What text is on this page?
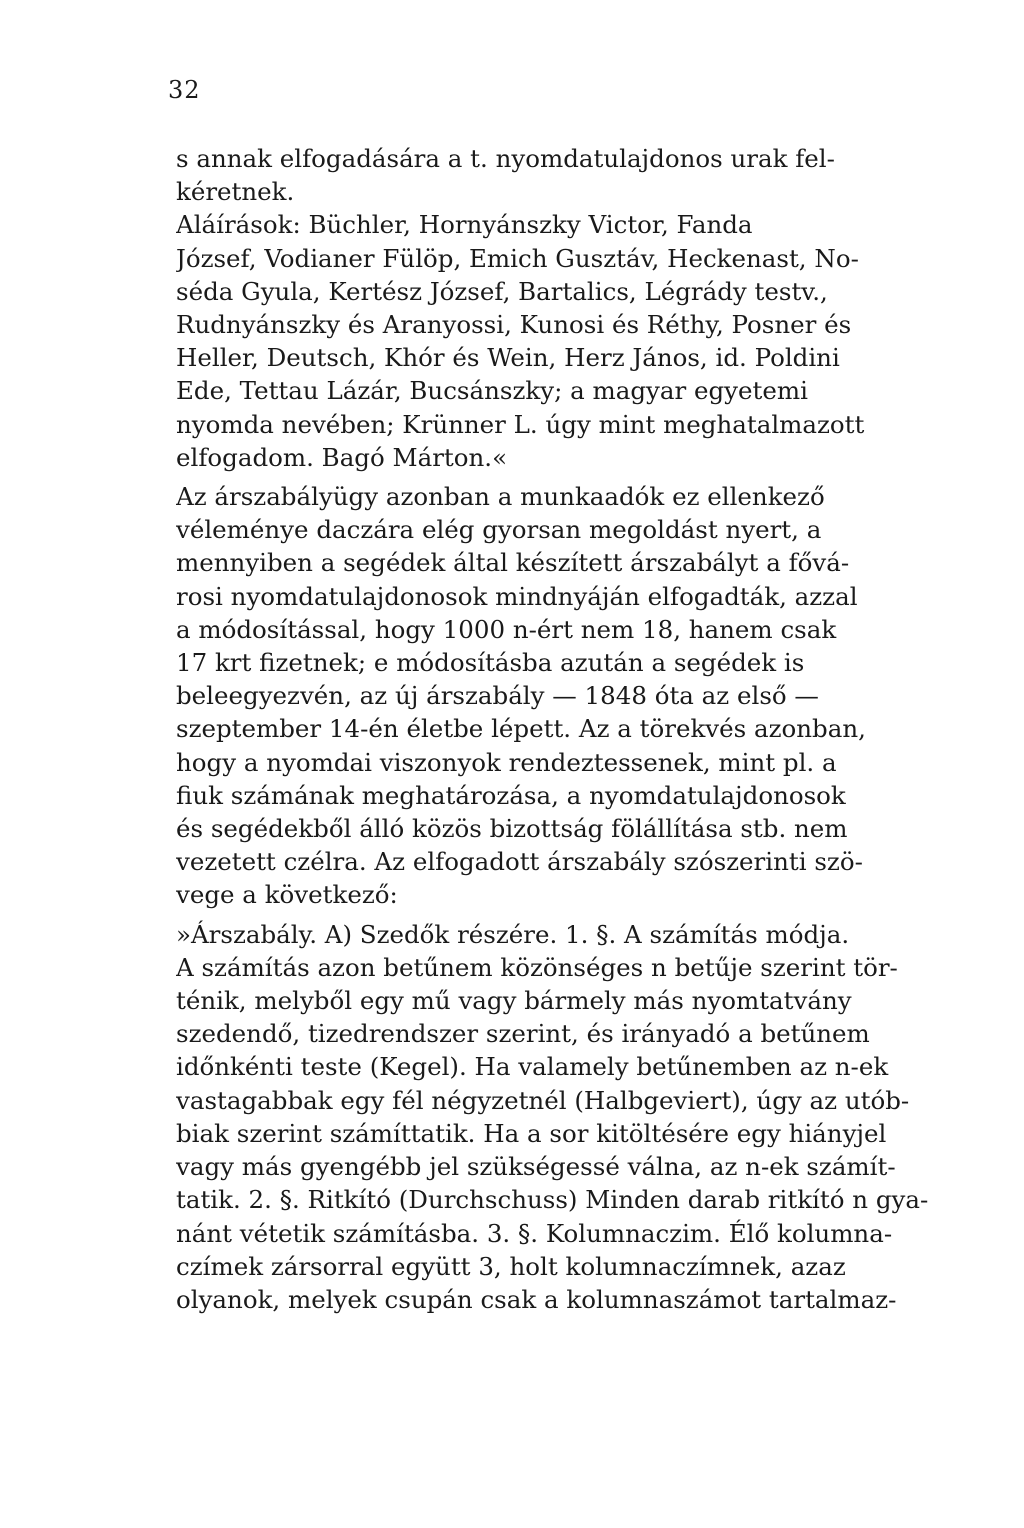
32
s annak elfogadására a t. nyomdatulajdonos urak fel-
kéretnek.
Aláírások: Büchler, Hornyánszky Victor, Fanda
József, Vodianer Fülöp, Emich Gusztáv, Heckenast, No-
séda Gyula, Kertész József, Bartalics, Légrády testv.,
Rudnyánszky és Aranyossi, Kunosi és Réthy, Posner és
Heller, Deutsch, Khór és Wein, Herz János, id. Poldini
Ede, Tettau Lázár, Bucsánszky; a magyar egyetemi
nyomda nevében; Krünner L. úgy mint meghatalmazott
elfogadom. Bagó Márton.«
Az árszabályügy azonban a munkaadók ez ellenkező
véleménye daczára elég gyorsan megoldást nyert, a
mennyiben a segédek által készített árszabályt a fővá-
rosi nyomdatulajdonosok mindnyáján elfogadták, azzal
a módosítással, hogy 1000 n-ért nem 18, hanem csak
17 krt fizetnek; e módosításba azután a segédek is
beleegyezvén, az új árszabály — 1848 óta az első —
szeptember 14-én életbe lépett. Az a törekvés azonban,
hogy a nyomdai viszonyok rendeztessenek, mint pl. a
fiuk számának meghatározása, a nyomdatulajdonosok
és segédekből álló közös bizottság fölállítása stb. nem
vezetett czélra. Az elfogadott árszabály szószerinti szö-
vege a következő:
»Árszabály. A) Szedők részére. 1. §. A számítás módja.
A számítás azon betűnem közönséges n betűje szerint tör-
ténik, melyből egy mű vagy bármely más nyomtatvány
szedendő, tizedrendszer szerint, és irányadó a betűnem
időnkénti teste (Kegel). Ha valamely betűnemben az n-ek
vastagabbak egy fél négyzetnél (Halbgeviert), úgy az utób-
biak szerint számíttatik. Ha a sor kitöltésére egy hiányjel
vagy más gyengébb jel szükségessé válna, az n-ek számít-
tatik. 2. §. Ritkító (Durchschuss) Minden darab ritkító n gya-
nánt vétetik számításba. 3. §. Kolumnaczim. Élő kolumna-
czímek zársorral együtt 3, holt kolumnaczímnek, azaz
olyanok, melyek csupán csak a kolumnaszámot tartalmaz-
